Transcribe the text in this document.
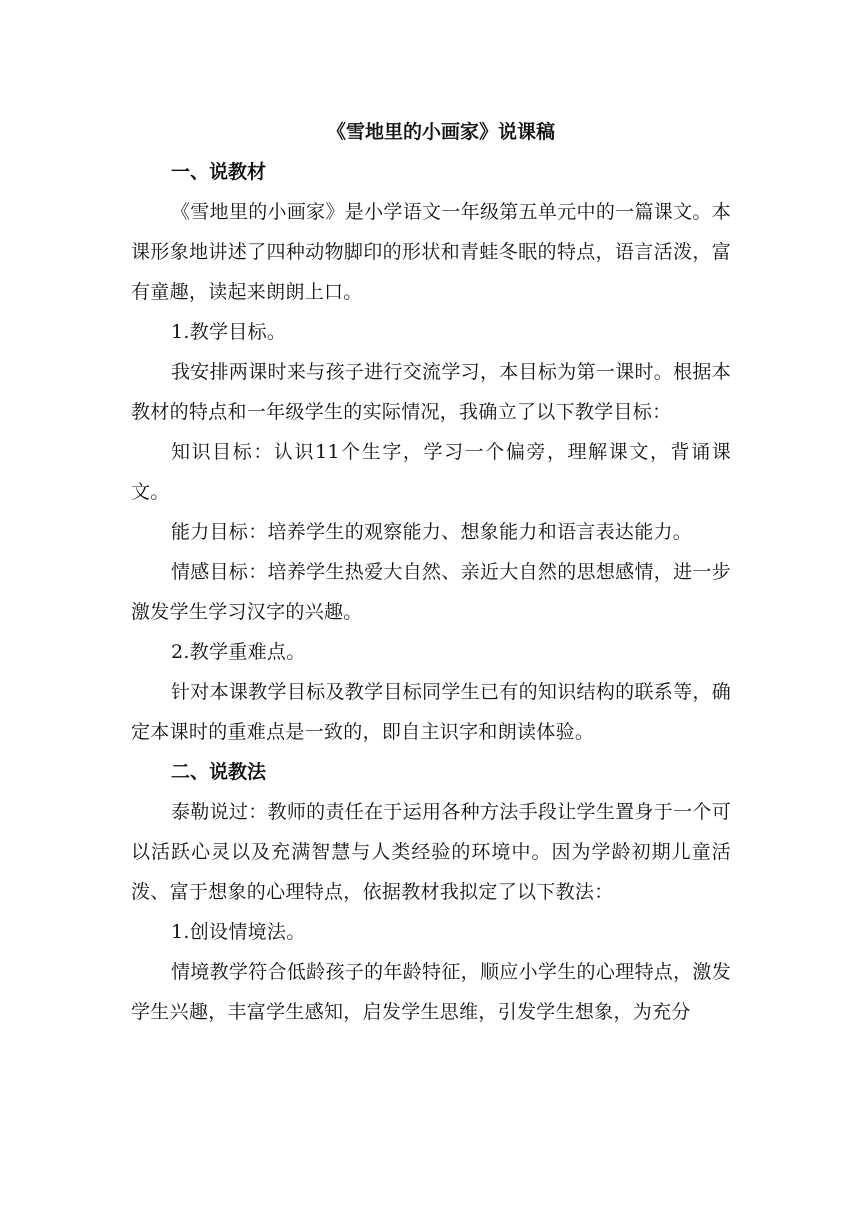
《雪地里的小画家》说课稿

一、说教材

《雪地里的小画家》是小学语文一年级第五单元中的一篇课文。本课形象地讲述了四种动物脚印的形状和青蛙冬眠的特点，语言活泼，富有童趣，读起来朗朗上口。

1.教学目标。

我安排两课时来与孩子进行交流学习，本目标为第一课时。根据本教材的特点和一年级学生的实际情况，我确立了以下教学目标：

知识目标：认识11个生字，学习一个偏旁，理解课文，背诵课文。

能力目标：培养学生的观察能力、想象能力和语言表达能力。

情感目标：培养学生热爱大自然、亲近大自然的思想感情，进一步激发学生学习汉字的兴趣。

2.教学重难点。

针对本课教学目标及教学目标同学生已有的知识结构的联系等，确定本课时的重难点是一致的，即自主识字和朗读体验。

二、说教法

泰勒说过：教师的责任在于运用各种方法手段让学生置身于一个可以活跃心灵以及充满智慧与人类经验的环境中。因为学龄初期儿童活泼、富于想象的心理特点，依据教材我拟定了以下教法：

1.创设情境法。

情境教学符合低龄孩子的年龄特征，顺应小学生的心理特点，激发学生兴趣，丰富学生感知，启发学生思维，引发学生想象，为充分
